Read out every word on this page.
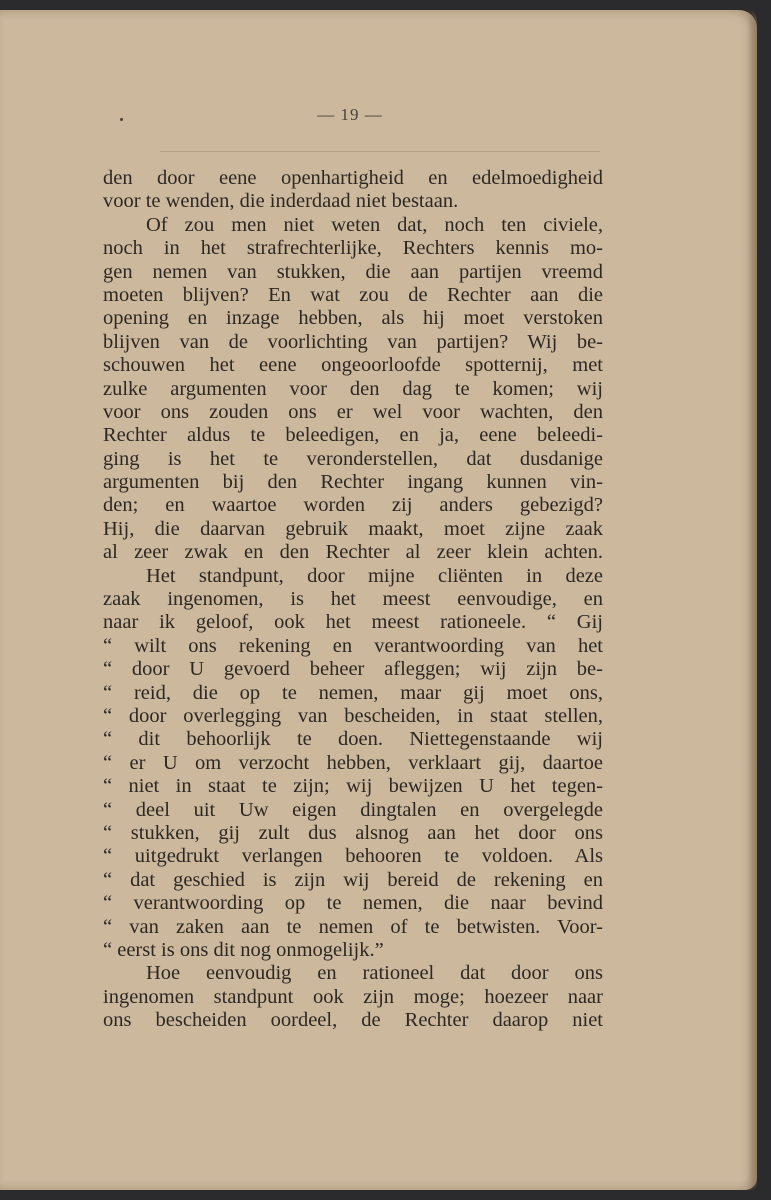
— 19 —
den door eene openhartigheid en edelmoedigheid
voor te wenden, die inderdaad niet bestaan.
Of zou men niet weten dat, noch ten civiele,
noch in het strafrechterlijke, Rechters kennis mo-
gen nemen van stukken, die aan partijen vreemd
moeten blijven? En wat zou de Rechter aan die
opening en inzage hebben, als hij moet verstoken
blijven van de voorlichting van partijen? Wij be-
schouwen het eene ongeoorloofde spotternij, met
zulke argumenten voor den dag te komen; wij
voor ons zouden ons er wel voor wachten, den
Rechter aldus te beleedigen, en ja, eene beleedi-
ging is het te veronderstellen, dat dusdanige
argumenten bij den Rechter ingang kunnen vin-
den; en waartoe worden zij anders gebezigd?
Hij, die daarvan gebruik maakt, moet zijne zaak
al zeer zwak en den Rechter al zeer klein achten.
Het standpunt, door mijne cliënten in deze
zaak ingenomen, is het meest eenvoudige, en
naar ik geloof, ook het meest rationeele. “ Gij
“ wilt ons rekening en verantwoording van het
“ door U gevoerd beheer afleggen; wij zijn be-
“ reid, die op te nemen, maar gij moet ons,
“ door overlegging van bescheiden, in staat stellen,
“ dit behoorlijk te doen. Niettegenstaande wij
“ er U om verzocht hebben, verklaart gij, daartoe
“ niet in staat te zijn; wij bewijzen U het tegen-
“ deel uit Uw eigen dingtalen en overgelegde
“ stukken, gij zult dus alsnog aan het door ons
“ uitgedrukt verlangen behooren te voldoen. Als
“ dat geschied is zijn wij bereid de rekening en
“ verantwoording op te nemen, die naar bevind
“ van zaken aan te nemen of te betwisten. Voor-
“ eerst is ons dit nog onmogelijk.”
Hoe eenvoudig en rationeel dat door ons
ingenomen standpunt ook zijn moge; hoezeer naar
ons bescheiden oordeel, de Rechter daarop niet
